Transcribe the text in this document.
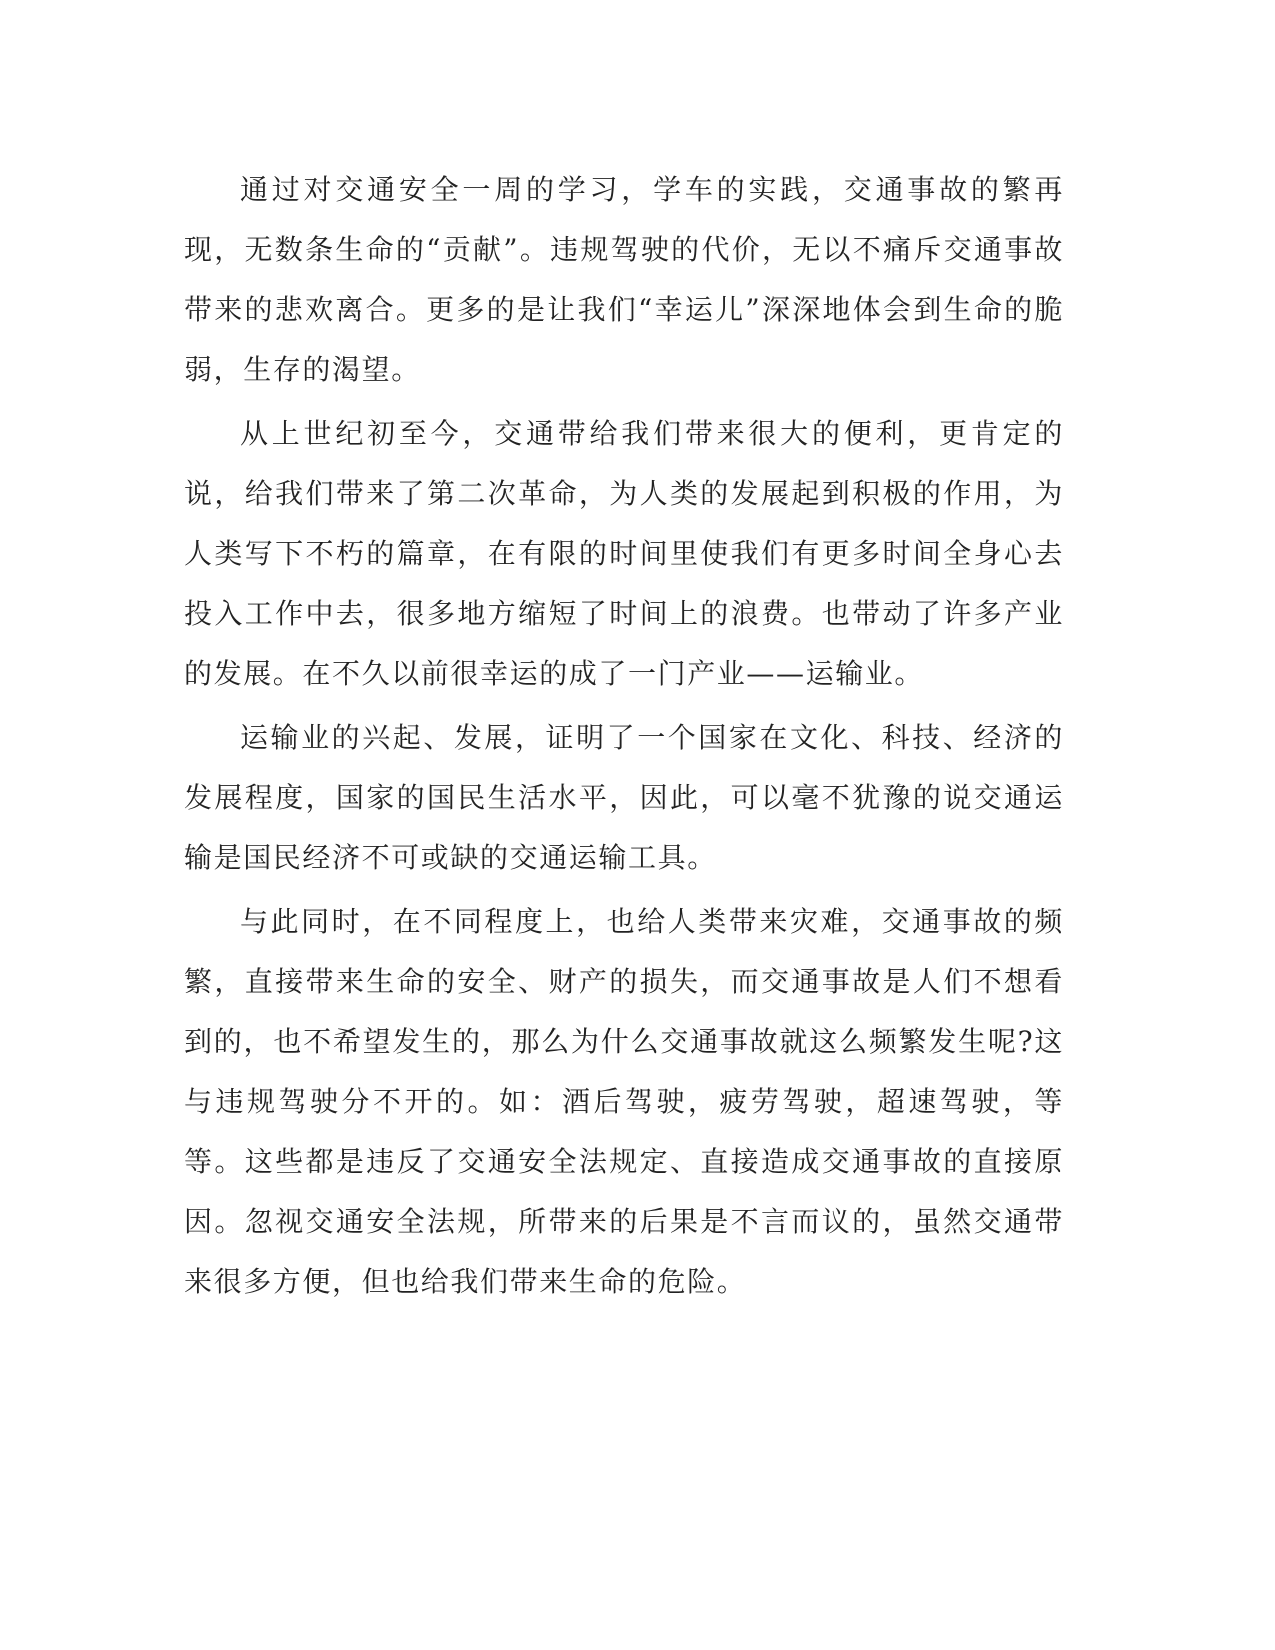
通过对交通安全一周的学习，学车的实践，交通事故的繁再现，无数条生命的“贡献”。违规驾驶的代价，无以不痛斥交通事故带来的悲欢离合。更多的是让我们“幸运儿”深深地体会到生命的脆弱，生存的渴望。

从上世纪初至今，交通带给我们带来很大的便利，更肯定的说，给我们带来了第二次革命，为人类的发展起到积极的作用，为人类写下不朽的篇章，在有限的时间里使我们有更多时间全身心去投入工作中去，很多地方缩短了时间上的浪费。也带动了许多产业的发展。在不久以前很幸运的成了一门产业——运输业。

运输业的兴起、发展，证明了一个国家在文化、科技、经济的发展程度，国家的国民生活水平，因此，可以毫不犹豫的说交通运输是国民经济不可或缺的交通运输工具。

与此同时，在不同程度上，也给人类带来灾难，交通事故的频繁，直接带来生命的安全、财产的损失，而交通事故是人们不想看到的，也不希望发生的，那么为什么交通事故就这么频繁发生呢?这与违规驾驶分不开的。如：酒后驾驶，疲劳驾驶，超速驾驶，等等。这些都是违反了交通安全法规定、直接造成交通事故的直接原因。忽视交通安全法规，所带来的后果是不言而议的，虽然交通带来很多方便，但也给我们带来生命的危险。
